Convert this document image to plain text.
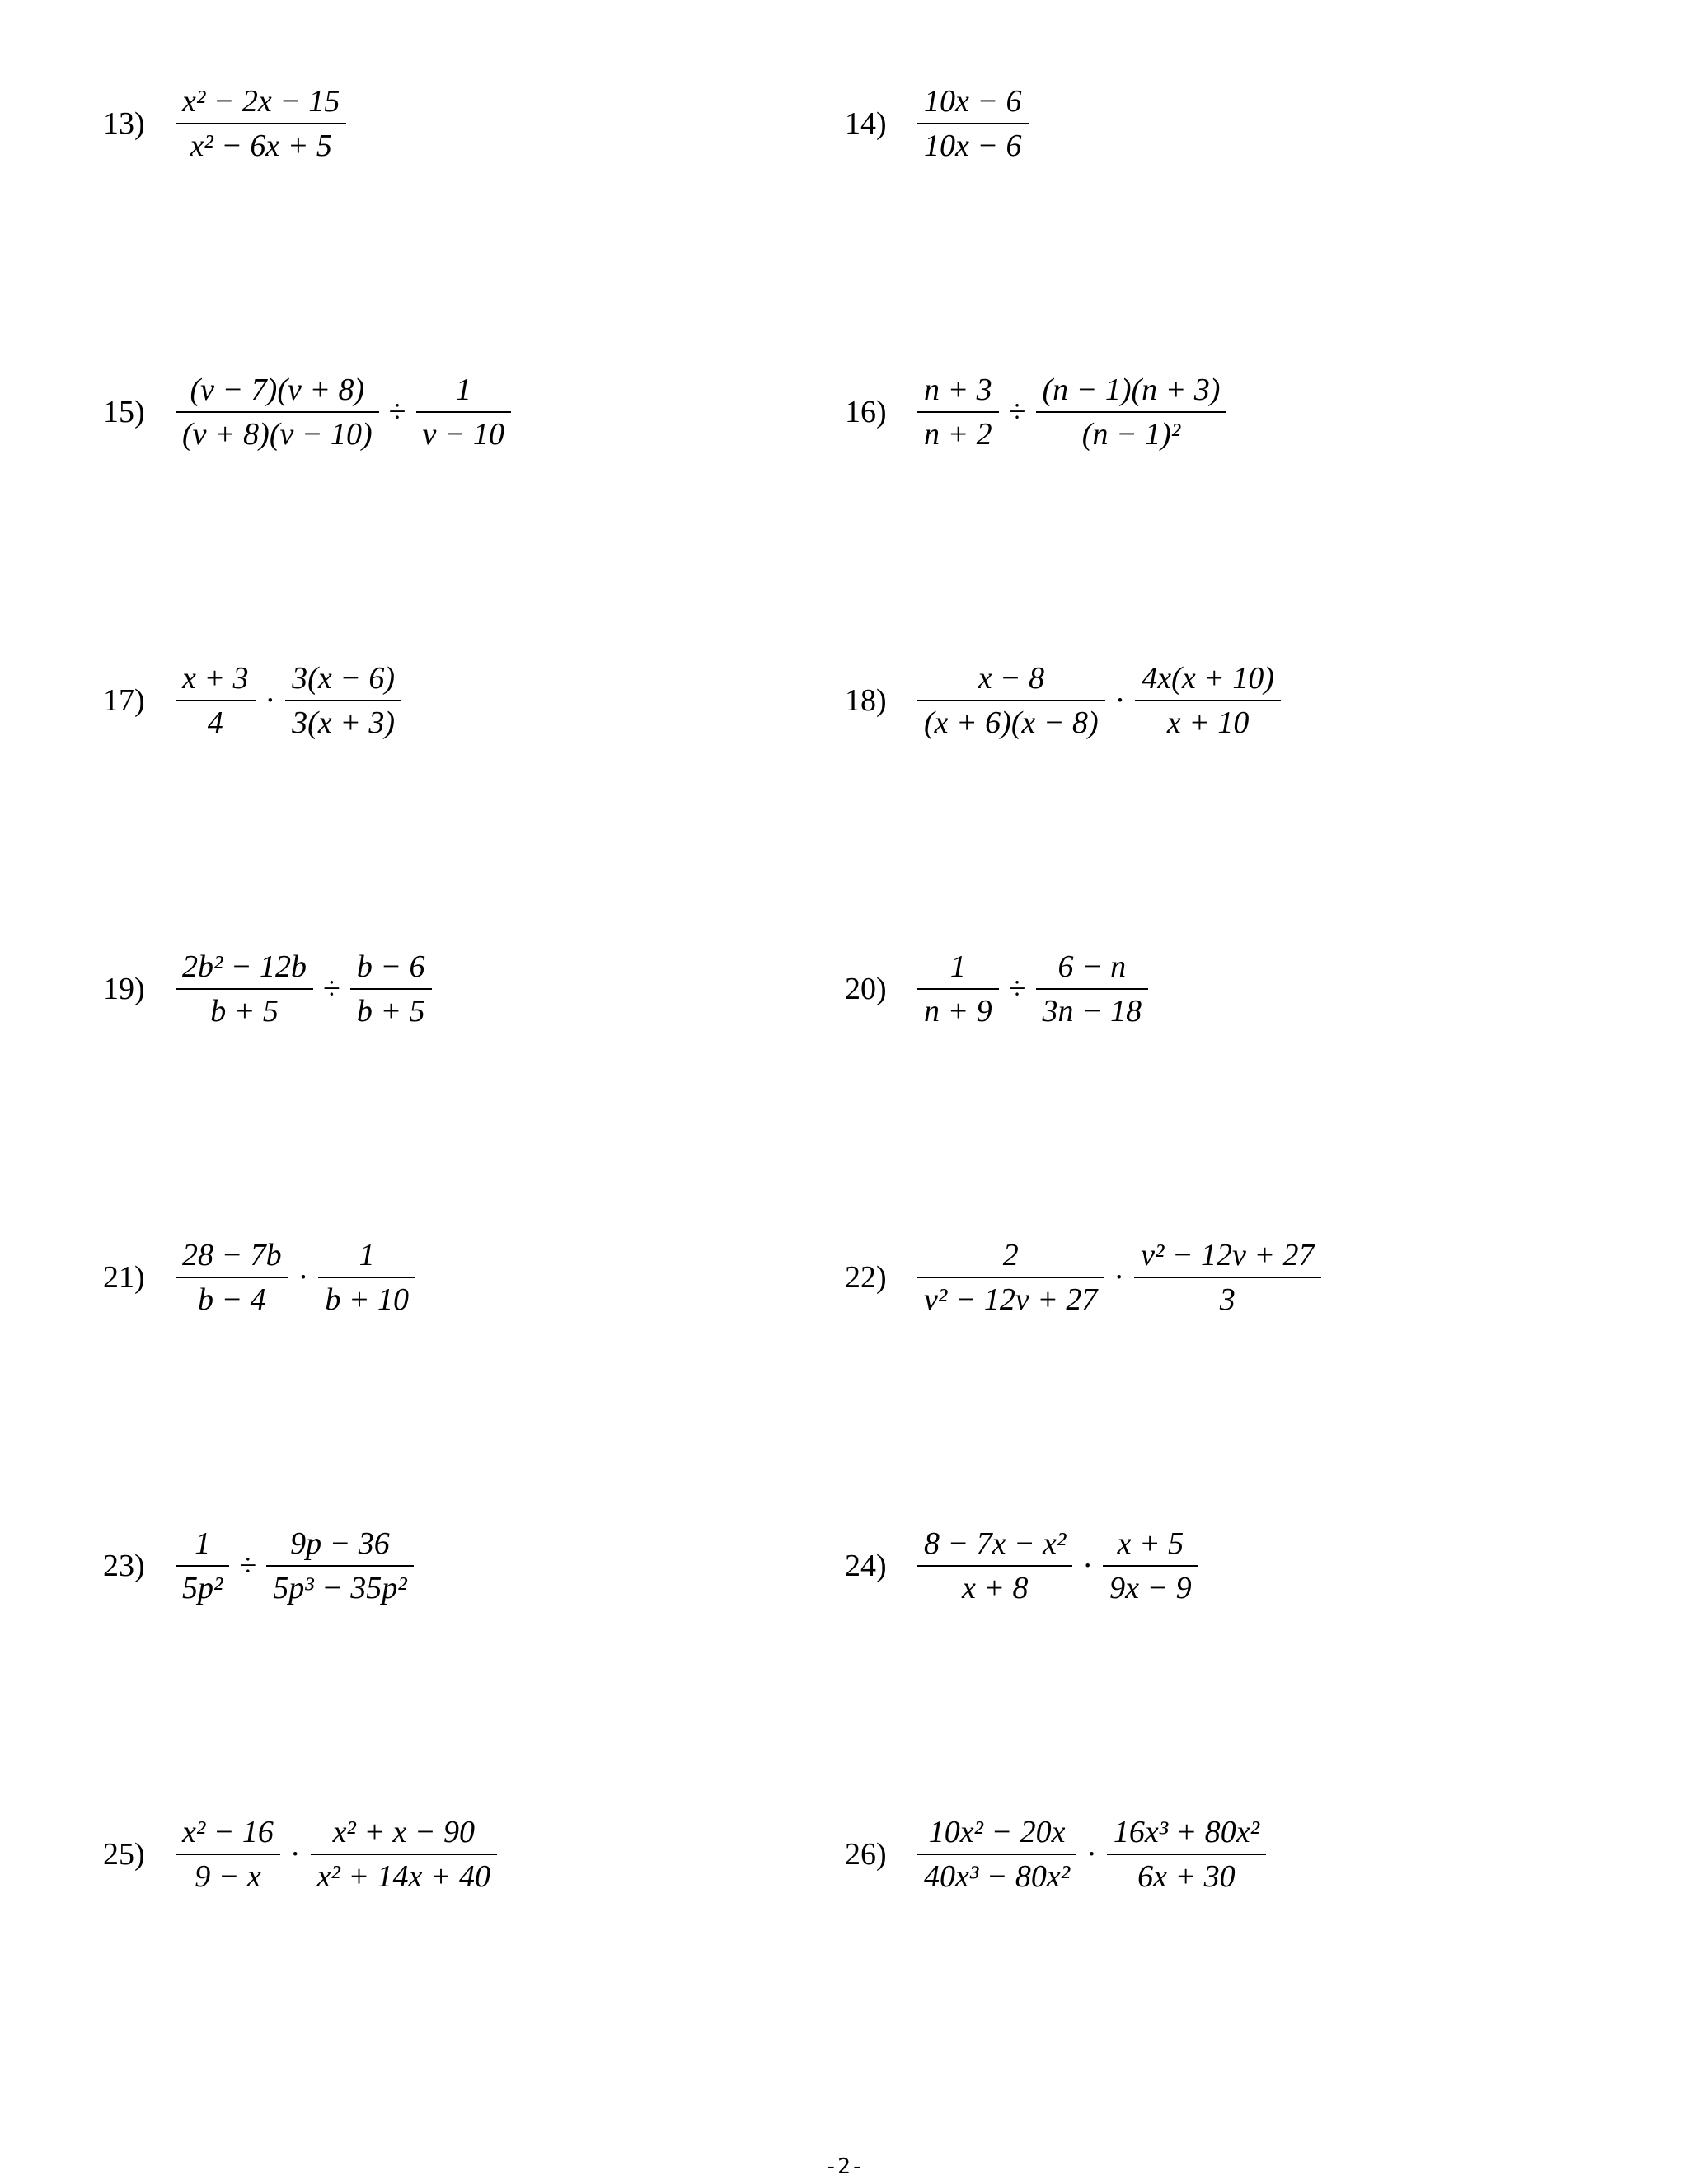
$13) \frac{\text{x² − 2x − 15}}{\text{x² − 6x + 5}}$	$14) \frac{10x - 6}{10x - 6}$
$15) \frac{(v - 7)(v + 8)}{(v + 8)(v - 10)} \div \frac{1}{v - 10}$	$16) \frac{n + 3}{n + 2} \div \frac{(n - 1)(n + 3)}{\text{(n − 1)²}}$
$17) \frac{x + 3}{4} \cdot \frac{3(x - 6)}{3(x + 3)}$	$18) \frac{x - 8}{(x + 6)(x - 8)} \cdot \frac{4x(x + 10)}{x + 10}$
$19) \frac{\text{2b² − 12b}}{b + 5} \div \frac{b - 6}{b + 5}$	$20) \frac{1}{n + 9} \div \frac{6 - n}{3n - 18}$
$21) \frac{28 - 7b}{b - 4} \cdot \frac{1}{b + 10}$	$22) \frac{2}{\text{v² − 12v + 27}} \cdot \frac{\text{v² − 12v + 27}}{3}$
$23) \frac{1}{\text{5p²}} \div \frac{9p - 36}{\text{5p³ − 35p²}}$	$24) \frac{\text{8 − 7x − x²}}{x + 8} \cdot \frac{x + 5}{9x - 9}$
$25) \frac{\text{x² − 16}}{9 - x} \cdot \frac{\text{x² + x − 90}}{\text{x² + 14x + 40}}$	$26) \frac{\text{10x² − 20x}}{\text{40x³ − 80x²}} \cdot \frac{\text{16x³ + 80x²}}{6x + 30}$
-2-
